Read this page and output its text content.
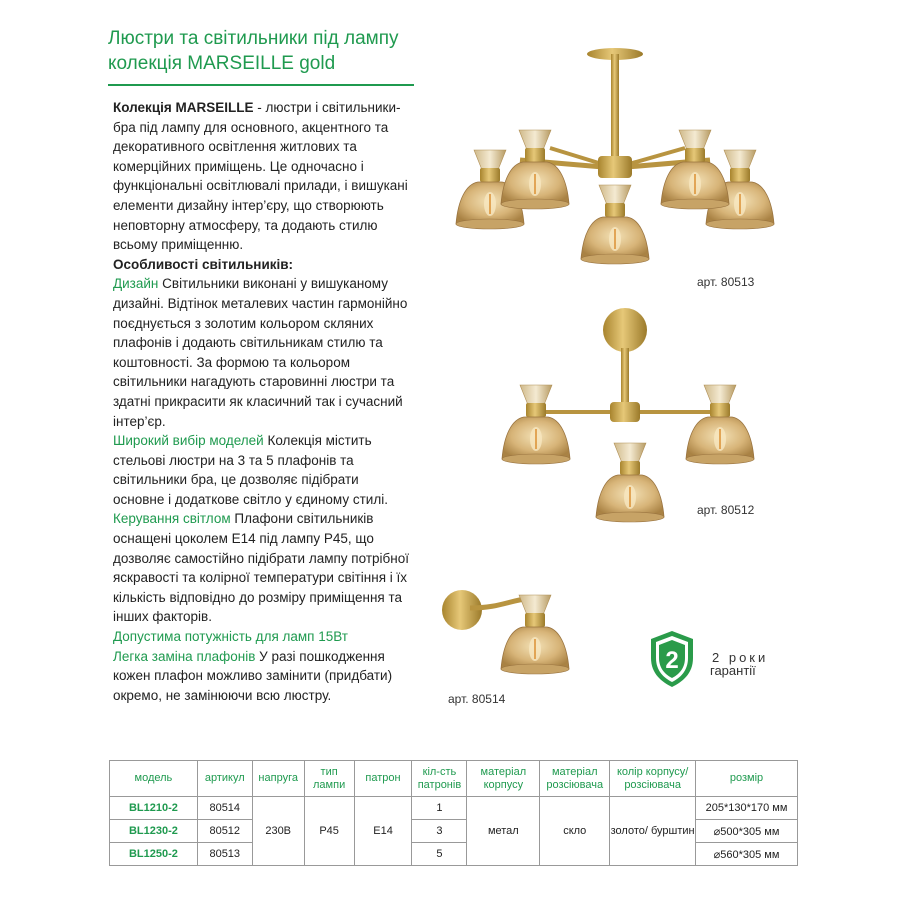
Люстри та світильники під лампу
колекція MARSEILLE gold

Колекція MARSEILLE - люстри і світильники-бра під лампу для основного, акцентного та декоративного освітлення житлових та комерційних приміщень. Це одночасно і функціональні освітлювалі прилади, і вишукані елементи дизайну інтер’єру, що створюють неповторну атмосферу, та додають стилю всьому приміщенню.

Особливості світильників:

Дизайн Світильники виконані у вишуканому дизайні. Відтінок металевих частин гармонійно поєднується з золотим кольором скляних плафонів і додають світильникам стилю та коштовності. За формою та кольором світильники нагадують старовинні люстри та здатні прикрасити як класичний так і сучасний інтер’єр.

Широкий вибір моделей Колекція містить стельові люстри на 3 та 5 плафонів та світильники бра, це дозволяє підібрати основне і додаткове світло у єдиному стилі.

Керування світлом Плафони світильників оснащені цоколем E14 під лампу P45, що дозволяє самостійно підібрати лампу потрібної яскравості та колірної температури світіння і їх кількість відповідно до розміру приміщення та інших факторів.

Допустима потужність для ламп 15Вт

Легка заміна плафонів У разі пошкодження кожен плафон можливо замінити (придбати) окремо, не замінюючи всю люстру.

арт. 80513
арт. 80512
арт. 80514
2	2 роки
гарантії
модель	артикул	напруга	тип лампи	патрон	кіл-сть патронів	матеріал корпусу	матеріал розсіювача	колір корпусу/ розсіювача	розмір
BL1210-2	80514	230В	P45	E14	1	метал	скло	золото/ бурштин	205*130*170 мм
BL1230-2	80512				3				⌀500*305 мм
BL1250-2	80513				5				⌀560*305 мм
